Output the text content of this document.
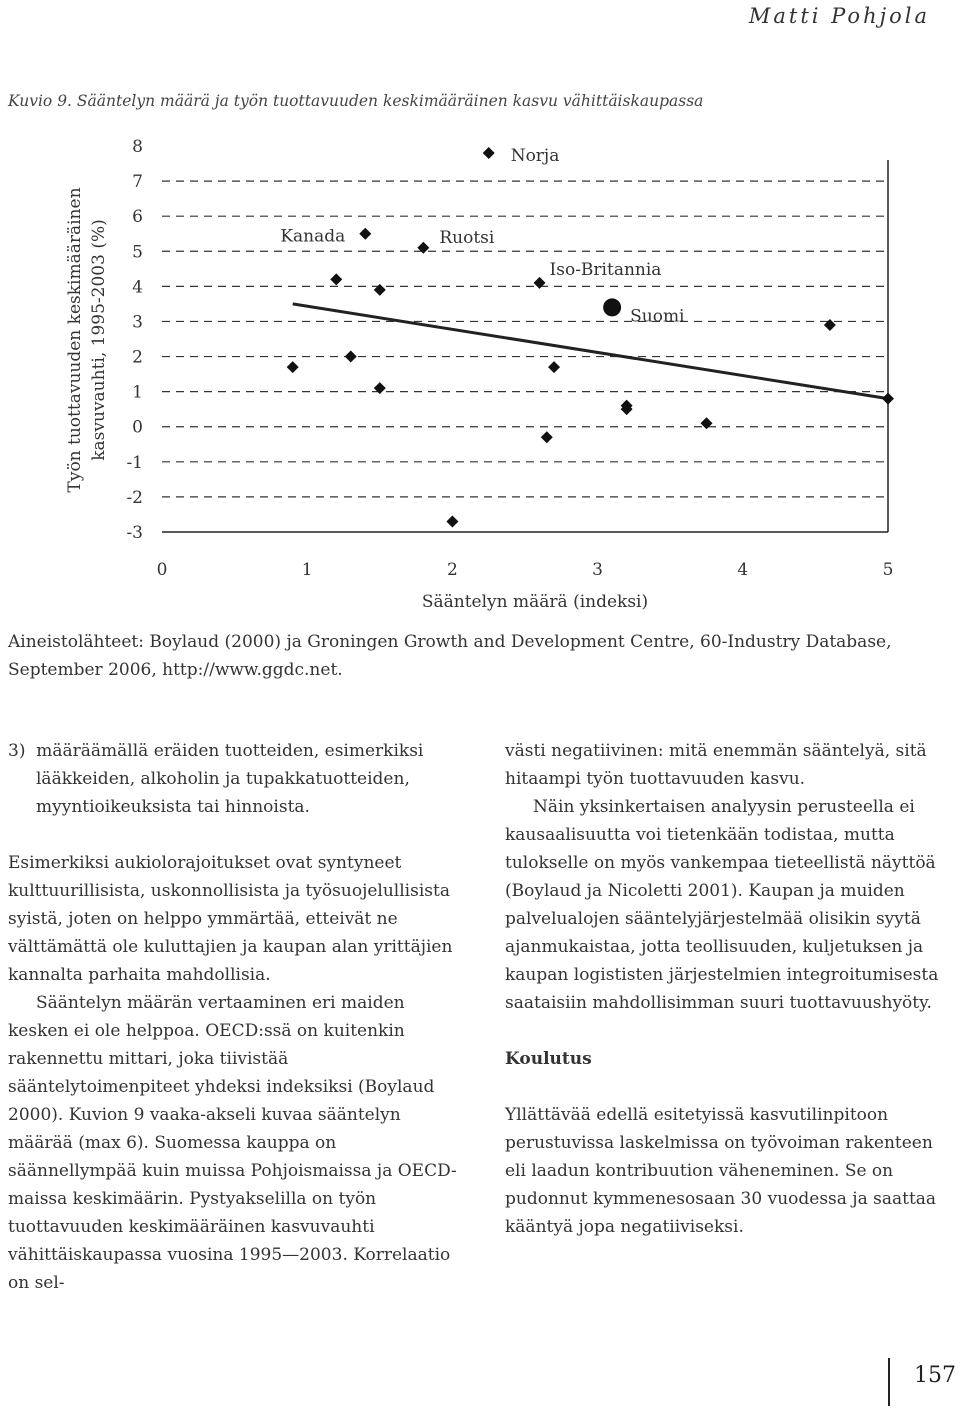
Matti Pohjola
Kuvio 9. Sääntelyn määrä ja työn tuottavuuden keskimääräinen kasvu vähittäiskaupassa
Työn tuottavuuden keskimääräinen kasvuvauhti, 1995-2003 (%)
8
7
6
5
4
3
2
1
0
-1
-2
-3
0	1	2	3	4	5
Norja
Kanada	Ruotsi
Iso-Britannia
Suomi
Sääntelyn määrä (indeksi)
Aineistolähteet: Boylaud (2000) ja Groningen Growth and Development Centre, 60-Industry Database, September 2006, http://www.ggdc.net.

3)  määräämällä eräiden tuotteiden, esimerkiksi lääkkeiden, alkoholin ja tupakkatuotteiden, myyntioikeuksista tai hinnoista.

Esimerkiksi aukiolorajoitukset ovat syntyneet kulttuurillisista, uskonnollisista ja työsuojelullisista syistä, joten on helppo ymmärtää, etteivät ne välttämättä ole kuluttajien ja kaupan alan yrittäjien kannalta parhaita mahdollisia.

Sääntelyn määrän vertaaminen eri maiden kesken ei ole helppoa. OECD:ssä on kuitenkin rakennettu mittari, joka tiivistää sääntelytoimenpiteet yhdeksi indeksiksi (Boylaud 2000). Kuvion 9 vaaka-akseli kuvaa sääntelyn määrää (max 6). Suomessa kauppa on säännellympää kuin muissa Pohjoismaissa ja OECD-maissa keskimäärin. Pystyakselilla on työn tuottavuuden keskimääräinen kasvuvauhti vähittäiskaupassa vuosina 1995—2003. Korrelaatio on sel-

västi negatiivinen: mitä enemmän sääntelyä, sitä hitaampi työn tuottavuuden kasvu.

Näin yksinkertaisen analyysin perusteella ei kausaalisuutta voi tietenkään todistaa, mutta tulokselle on myös vankempaa tieteellistä näyttöä (Boylaud ja Nicoletti 2001). Kaupan ja muiden palvelualojen sääntelyjärjestelmää olisikin syytä ajanmukaistaa, jotta teollisuuden, kuljetuksen ja kaupan logististen järjestelmien integroitumisesta saataisiin mahdollisimman suuri tuottavuushyöty.

Koulutus

Yllättävää edellä esitetyissä kasvutilinpitoon perustuvissa laskelmissa on työvoiman rakenteen eli laadun kontribuution väheneminen. Se on pudonnut kymmenesosaan 30 vuodessa ja saattaa kääntyä jopa negatiiviseksi.

157
